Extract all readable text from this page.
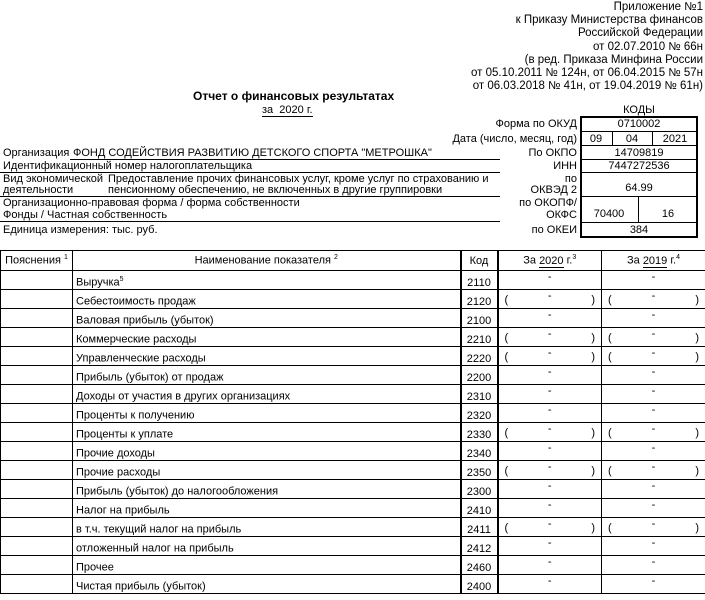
Приложение №1
к Приказу Министерства финансов
Российской Федерации
от 02.07.2010 № 66н
(в ред. Приказа Минфина России
от 05.10.2011 № 124н, от 06.04.2015 № 57н
от 06.03.2018 № 41н, от 19.04.2019 № 61н)
Отчет о финансовых результатах
за 2020 г.	КОДЫ
Форма по ОКУД	0710002
Дата (число, месяц, год)	09	04	2021
Организация ФОНД СОДЕЙСТВИЯ РАЗВИТИЮ ДЕТСКОГО СПОРТА "МЕТРОШКА"	По ОКПО	14709819
Идентификационный номер налогоплательщика	ИНН	7447272536
Вид экономической
деятельности
Предоставление прочих финансовых услуг, кроме услуг по страхованию и
пенсионному обеспечению, не включенных в другие группировки
по
ОКВЭД 2	64.99
Организационно-правовая форма / форма собственности
Фонды / Частная собственность
по ОКОПФ/
ОКФС	70400	16
Единица измерения: тыс. руб.	по ОКЕИ	384
Пояснения $^1$	Наименование показателя $^2$	Код	За 2020 г.$^3$	За 2019 г.$^4$
	Выручка$^5$	2110	-	-

	Себестоимость продаж	2120	( - )	( - )

	Валовая прибыль (убыток)	2100	-	-

	Коммерческие расходы	2210	( - )	( - )

	Управленческие расходы	2220	( - )	( - )

	Прибыль (убыток) от продаж	2200	-	-

	Доходы от участия в других организациях	2310	-	-

	Проценты к получению	2320	-	-

	Проценты к уплате	2330	( - )	( - )

	Прочие доходы	2340	-	-

	Прочие расходы	2350	( - )	( - )

	Прибыль (убыток) до налогообложения	2300	-	-

	Налог на прибыль	2410	-	-

	в т.ч. текущий налог на прибыль	2411	( - )	( - )

	отложенный налог на прибыль	2412	-	-

	Прочее	2460	-	-

	Чистая прибыль (убыток)	2400	-	-
